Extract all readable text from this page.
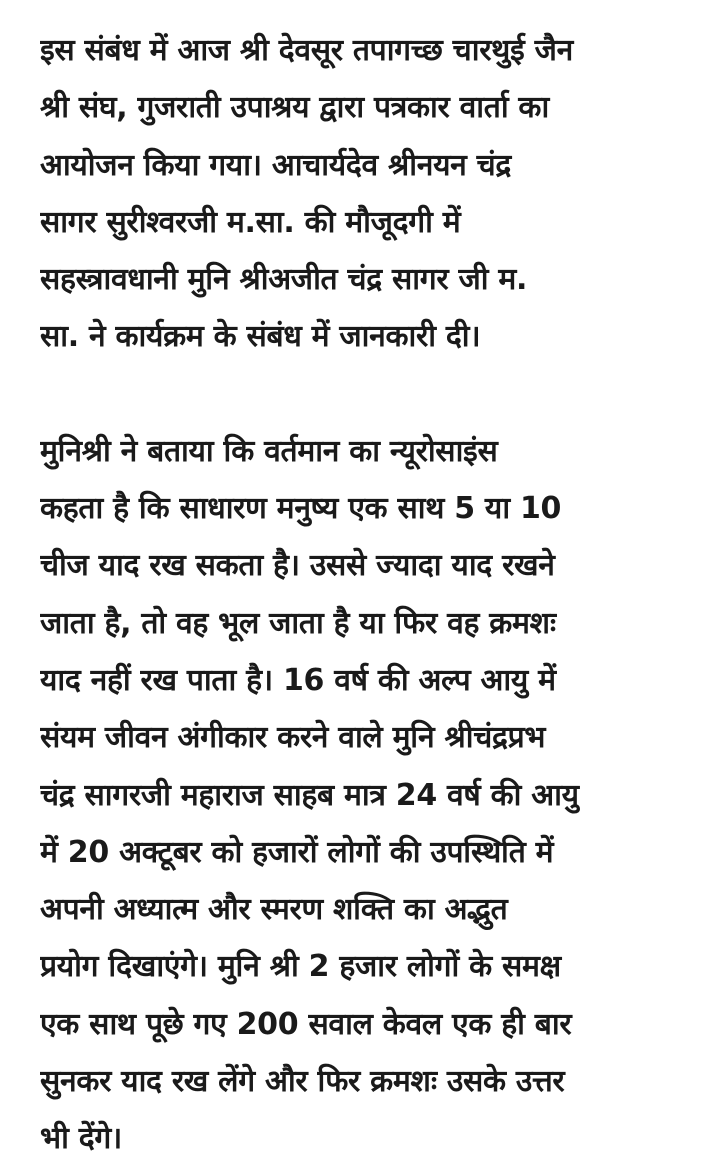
इस संबंध में आज श्री देवसूर तपागच्छ चारथुई जैन
श्री संघ, गुजराती उपाश्रय द्वारा पत्रकार वार्ता का
आयोजन किया गया। आचार्यदेव श्रीनयन चंद्र
सागर सुरीश्वरजी म.सा. की मौजूदगी में
सहस्त्रावधानी मुनि श्रीअजीत चंद्र सागर जी म.
सा. ने कार्यक्रम के संबंध में जानकारी दी।
मुनिश्री ने बताया कि वर्तमान का न्यूरोसाइंस
कहता है कि साधारण मनुष्य एक साथ 5 या 10
चीज याद रख सकता है। उससे ज्यादा याद रखने
जाता है, तो वह भूल जाता है या फिर वह क्रमशः
याद नहीं रख पाता है। 16 वर्ष की अल्प आयु में
संयम जीवन अंगीकार करने वाले मुनि श्रीचंद्रप्रभ
चंद्र सागरजी महाराज साहब मात्र 24 वर्ष की आयु
में 20 अक्टूबर को हजारों लोगों की उपस्थिति में
अपनी अध्यात्म और स्मरण शक्ति का अद्भुत
प्रयोग दिखाएंगे। मुनि श्री 2 हजार लोगों के समक्ष
एक साथ पूछे गए 200 सवाल केवल एक ही बार
सुनकर याद रख लेंगे और फिर क्रमशः उसके उत्तर
भी देंगे।
